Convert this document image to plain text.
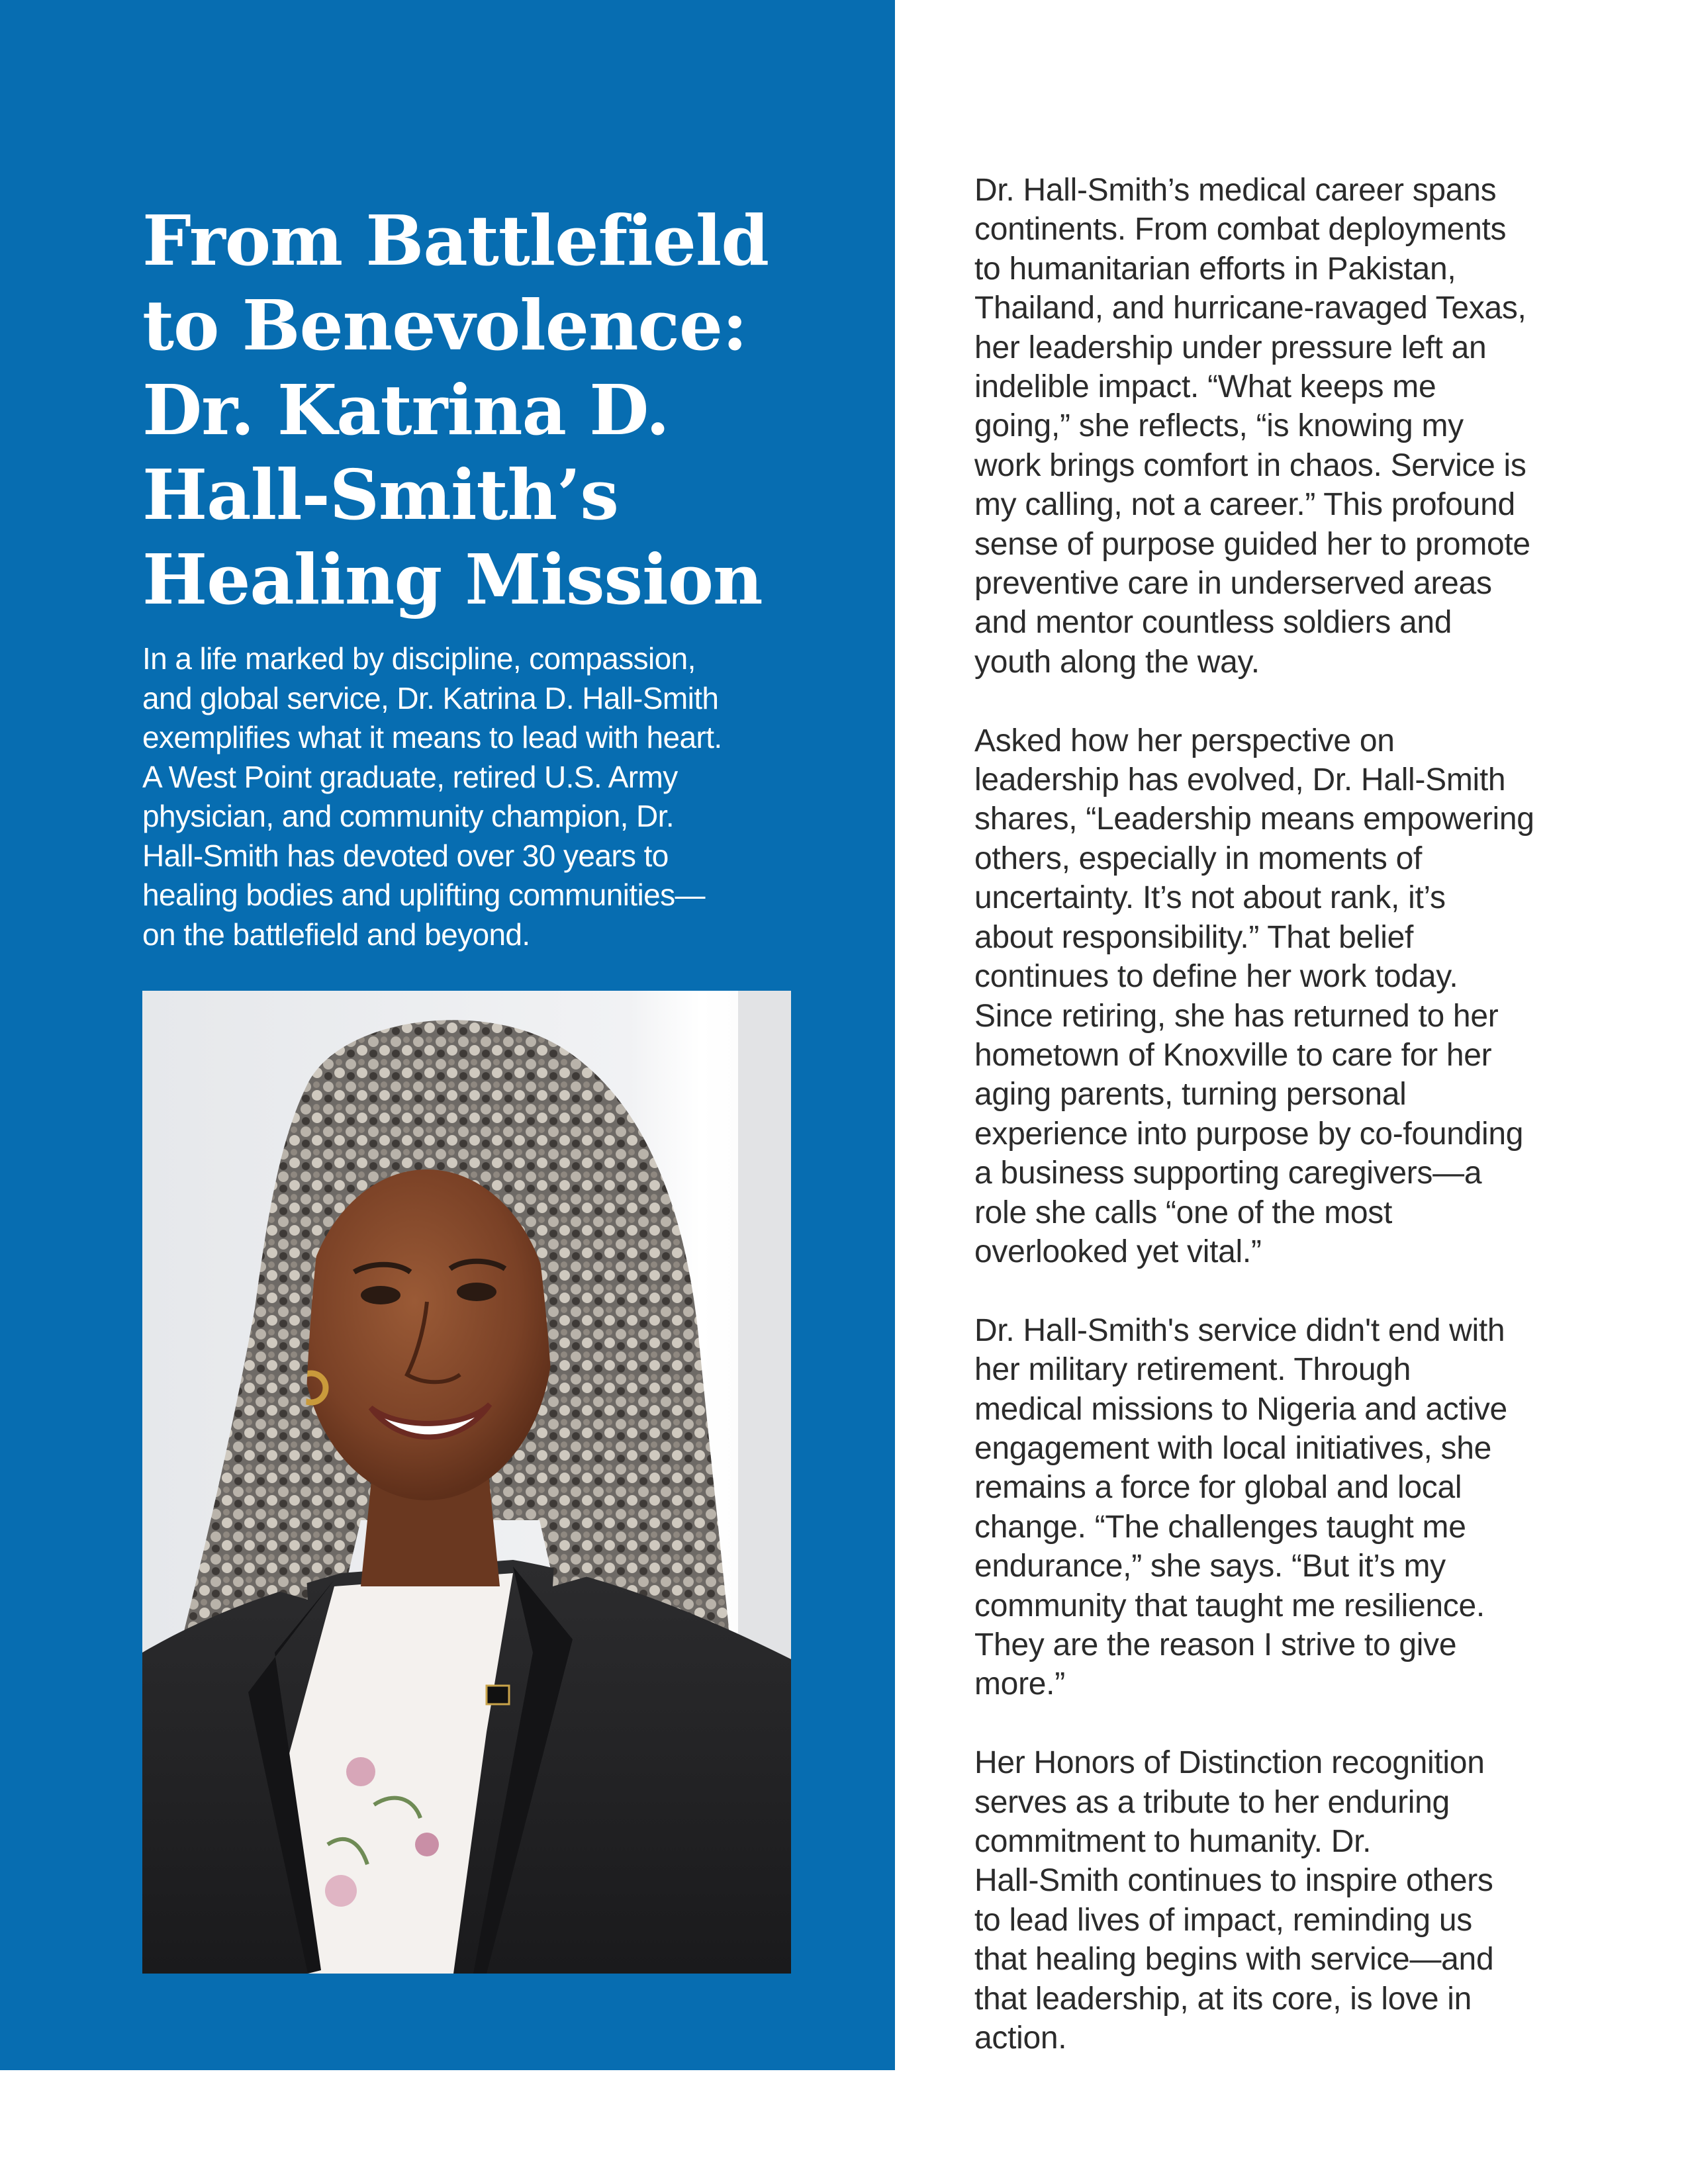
From Battlefield
to Benevolence:
Dr. Katrina D.
Hall-Smith’s
Healing Mission

In a life marked by discipline, compassion,
and global service, Dr. Katrina D. Hall-Smith
exemplifies what it means to lead with heart.
A West Point graduate, retired U.S. Army
physician, and community champion, Dr.
Hall-Smith has devoted over 30 years to
healing bodies and uplifting communities—
on the battlefield and beyond.

Dr. Hall-Smith’s medical career spans
continents. From combat deployments
to humanitarian efforts in Pakistan,
Thailand, and hurricane-ravaged Texas,
her leadership under pressure left an
indelible impact. “What keeps me
going,” she reflects, “is knowing my
work brings comfort in chaos. Service is
my calling, not a career.” This profound
sense of purpose guided her to promote
preventive care in underserved areas
and mentor countless soldiers and
youth along the way.

Asked how her perspective on
leadership has evolved, Dr. Hall-Smith
shares, “Leadership means empowering
others, especially in moments of
uncertainty. It’s not about rank, it’s
about responsibility.” That belief
continues to define her work today.
Since retiring, she has returned to her
hometown of Knoxville to care for her
aging parents, turning personal
experience into purpose by co-founding
a business supporting caregivers—a
role she calls “one of the most
overlooked yet vital.”

Dr. Hall-Smith's service didn't end with
her military retirement. Through
medical missions to Nigeria and active
engagement with local initiatives, she
remains a force for global and local
change. “The challenges taught me
endurance,” she says. “But it’s my
community that taught me resilience.
They are the reason I strive to give
more.”

Her Honors of Distinction recognition
serves as a tribute to her enduring
commitment to humanity. Dr.
Hall-Smith continues to inspire others
to lead lives of impact, reminding us
that healing begins with service—and
that leadership, at its core, is love in
action.
